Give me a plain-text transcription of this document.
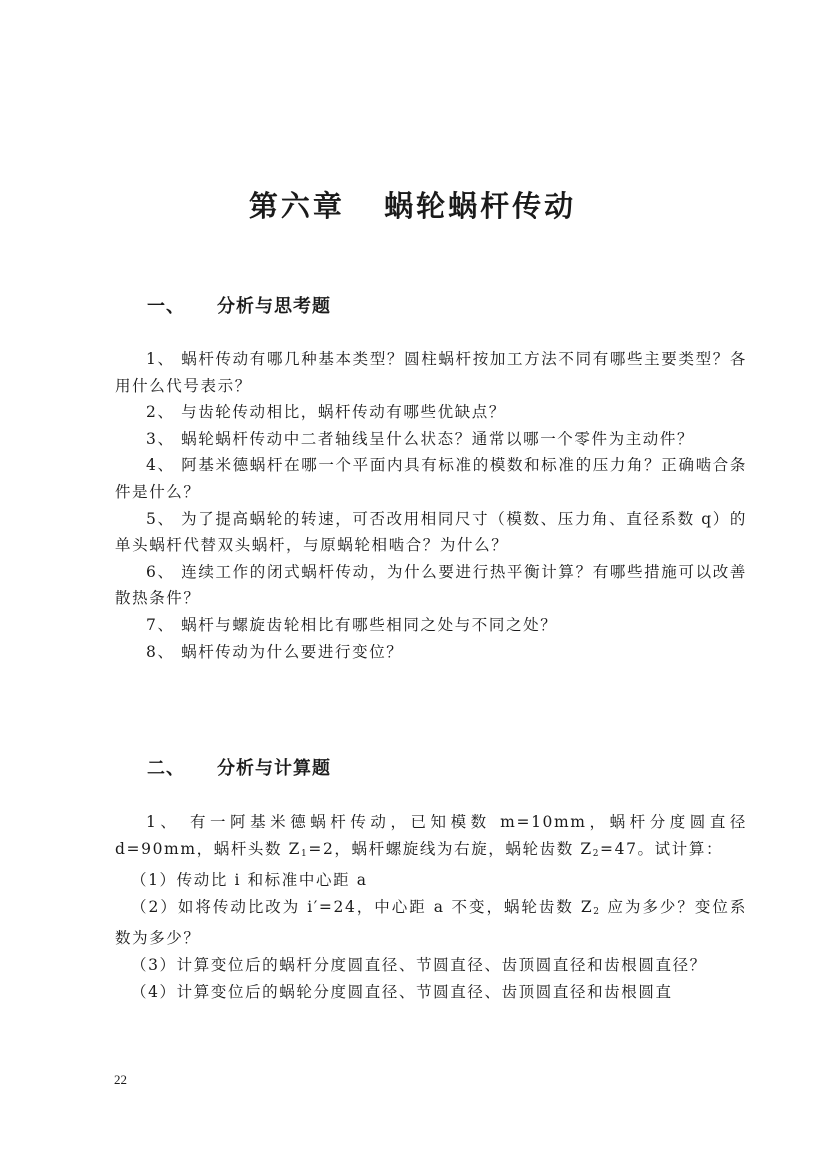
第六章   蜗轮蜗杆传动
一、 分析与思考题

1、 蜗杆传动有哪几种基本类型？圆柱蜗杆按加工方法不同有哪些主要类型？各用什么代号表示？

2、 与齿轮传动相比，蜗杆传动有哪些优缺点？

3、 蜗轮蜗杆传动中二者轴线呈什么状态？通常以哪一个零件为主动件？

4、 阿基米德蜗杆在哪一个平面内具有标准的模数和标准的压力角？正确啮合条件是什么？

5、 为了提高蜗轮的转速，可否改用相同尺寸（模数、压力角、直径系数 q）的单头蜗杆代替双头蜗杆，与原蜗轮相啮合？为什么？

6、 连续工作的闭式蜗杆传动，为什么要进行热平衡计算？有哪些措施可以改善散热条件？

7、 蜗杆与螺旋齿轮相比有哪些相同之处与不同之处？

8、 蜗杆传动为什么要进行变位？

二、 分析与计算题

1、 有一阿基米德蜗杆传动，已知模数 m=10mm，蜗杆分度圆直径 d=90mm，蜗杆头数 $Z_1=2$，蜗杆螺旋线为右旋，蜗轮齿数 $Z_2=47$。试计算：

（1）传动比 i 和标准中心距 a

（2）如将传动比改为 i′=24，中心距 a 不变，蜗轮齿数 $Z_2$ 应为多少？变位系数为多少？

（3）计算变位后的蜗杆分度圆直径、节圆直径、齿顶圆直径和齿根圆直径？

（4）计算变位后的蜗轮分度圆直径、节圆直径、齿顶圆直径和齿根圆直

22
